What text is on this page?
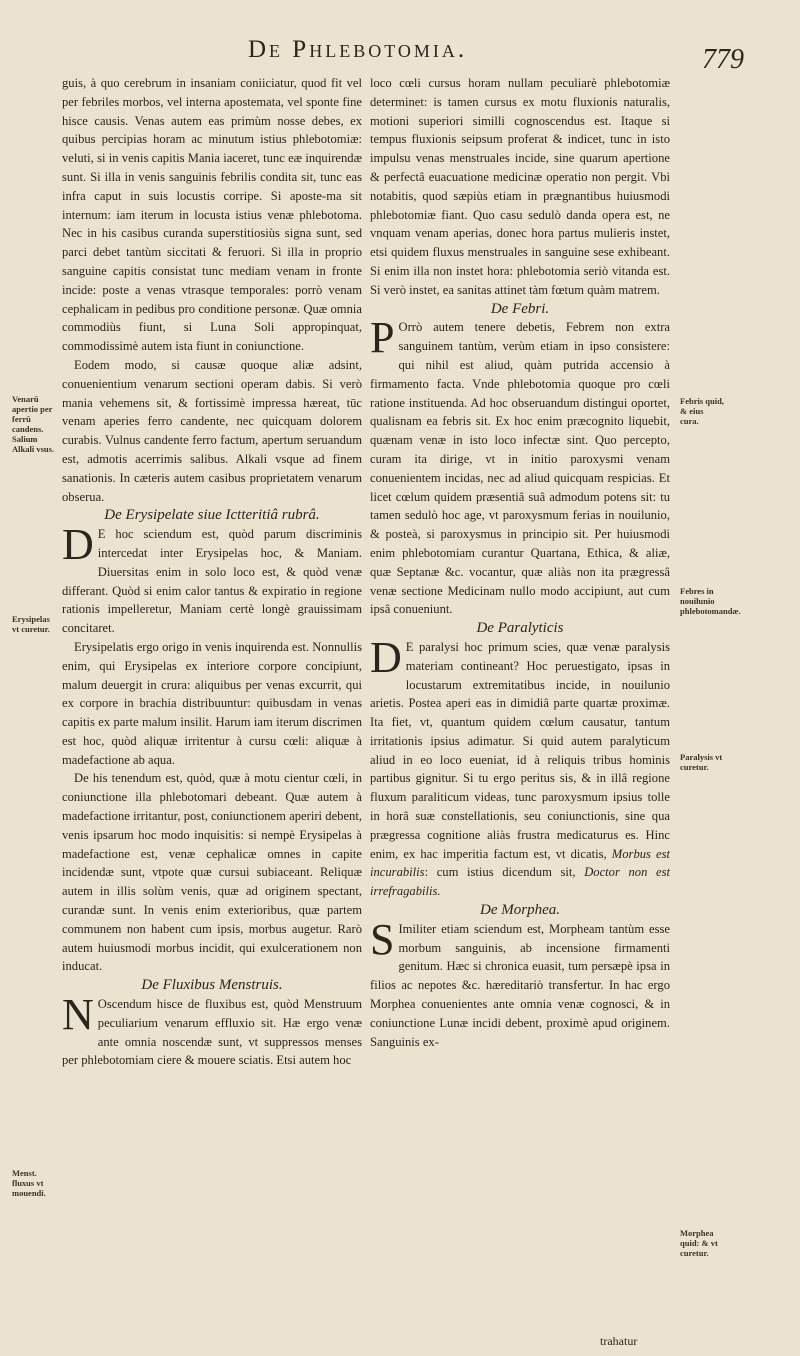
De Phlebotomia.	779

guis, à quo cerebrum in insaniam coniiciatur, quod fit vel per febriles morbos, vel interna apostemata, vel sponte fine hisce causis. Venas autem eas primùm nosse debes, ex quibus percipias horam ac minutum istius phlebotomiæ: veluti, si in venis capitis Mania iaceret, tunc eæ inquirendæ sunt. Si illa in venis sanguinis febrilis condita sit, tunc eas infra caput in suis locustis corripe. Si aposte-ma sit internum: iam iterum in locusta istius venæ phlebotoma. Nec in his casibus curanda superstitiosiùs signa sunt, sed parci debet tantùm siccitati & feruori. Si illa in proprio sanguine capitis consistat tunc mediam venam in fronte incide: poste a venas vtrasque temporales: porrò venam cephalicam in pedibus pro conditione personæ. Quæ omnia commodiùs fiunt, si Luna Soli appropinquat, commodissimè autem ista fiunt in coniunctione.

Eodem modo, si causæ quoque aliæ adsint, conuenientium venarum sectioni operam dabis. Si verò mania vehemens sit, & fortissimè impressa hæreat, tūc venam aperies ferro candente, nec quicquam dolorem curabis. Vulnus candente ferro factum, apertum seruandum est, admotis acerrimis salibus. Alkali vsque ad finem sanationis. In cæteris autem casibus proprietatem venarum obserua.

De Erysipelate siue Ictteritiâ rubrâ.

D E hoc sciendum est, quòd parum discriminis intercedat inter Erysipelas hoc, & Maniam. Diuersitas enim in solo loco est, & quòd venæ differant. Quòd si enim calor tantus & expiratio in regione rationis impelleretur, Maniam certè longè grauissimam concitaret.

Erysipelatis ergo origo in venis inquirenda est. Nonnullis enim, qui Erysipelas ex interiore corpore concipiunt, malum deuergit in crura: aliquibus per venas excurrit, qui ex corpore in brachia distribuuntur: quibusdam in venas capitis ex parte malum insilit. Harum iam iterum discrimen est hoc, quòd aliquæ irritentur à cursu cœli: aliquæ à madefactione ab aqua.

De his tenendum est, quòd, quæ à motu cientur cœli, in coniunctione illa phlebotomari debeant. Quæ autem à madefactione irritantur, post, coniunctionem aperiri debent, venis ipsarum hoc modo inquisitis: si nempè Erysipelas à madefactione est, venæ cephalicæ omnes in capite incidendæ sunt, vtpote quæ cursui subiaceant. Reliquæ autem in illis solùm venis, quæ ad originem spectant, curandæ sunt. In venis enim exterioribus, quæ partem communem non habent cum ipsis, morbus augetur. Rarò autem huiusmodi morbus incidit, qui exulcerationem non inducat.

De Fluxibus Menstruis.

N Oscendum hisce de fluxibus est, quòd Menstruum peculiarium venarum effluxio sit. Hæ ergo venæ ante omnia noscendæ sunt, vt suppressos menses per phlebotomiam ciere & mouere sciatis. Etsi autem hoc

loco cœli cursus horam nullam peculiarè phlebotomiæ determinet: is tamen cursus ex motu fluxionis naturalis, motioni superiori similli cognoscendus est. Itaque si tempus fluxionis seipsum proferat & indicet, tunc in isto impulsu venas menstruales incide, sine quarum apertione & perfectâ euacuatione medicinæ operatio non pergit. Vbi notabitis, quod sæpiùs etiam in prægnantibus huiusmodi phlebotomiæ fiant. Quo casu sedulò danda opera est, ne vnquam venam aperias, donec hora partus mulieris instet, etsi quidem fluxus menstruales in sanguine sese exhibeant. Si enim illa non instet hora: phlebotomia seriò vitanda est. Si verò instet, ea sanitas attinet tàm fœtum quàm matrem.

De Febri.

P Orrò autem tenere debetis, Febrem non extra sanguinem tantùm, verùm etiam in ipso consistere: qui nihil est aliud, quàm putrida accensio à firmamento facta. Vnde phlebotomia quoque pro cœli ratione instituenda. Ad hoc obseruandum distingui oportet, qualisnam ea febris sit. Ex hoc enim præcognito liquebit, quænam venæ in isto loco infectæ sint. Quo percepto, curam ita dirige, vt in initio paroxysmi venam conuenientem incidas, nec ad aliud quicquam respicias. Et licet cœlum quidem præsentiâ suâ admodum potens sit: tu tamen sedulò hoc age, vt paroxysmum ferias in nouilunio, & posteà, si paroxysmus in principio sit. Per huiusmodi enim phlebotomiam curantur Quartana, Ethica, & aliæ, quæ Septanæ &c. vocantur, quæ aliàs non ita prægressâ venæ sectione Medicinam nullo modo accipiunt, aut cum ipsâ conueniunt.

De Paralyticis

D E paralysi hoc primum scies, quæ venæ paralysis materiam contineant? Hoc peruestigato, ipsas in locustarum extremitatibus incide, in nouilunio arietis. Postea aperi eas in dimidiâ parte quartæ proximæ. Ita fiet, vt, quantum quidem cœlum causatur, tantum irritationis ipsius adimatur. Si quid autem paralyticum aliud in eo loco eueniat, id à reliquis tribus hominis partibus gignitur. Si tu ergo peritus sis, & in illâ regione fluxum paraliticum videas, tunc paroxysmum ipsius tolle in horâ suæ constellationis, seu coniunctionis, sine qua prægressa cognitione aliàs frustra medicaturus es. Hinc enim, ex hac imperitia factum est, vt dicatis, Morbus est incurabilis: cum istius dicendum sit, Doctor non est irrefragabilis.

De Morphea.

S Imiliter etiam sciendum est, Morpheam tantùm esse morbum sanguinis, ab incensione firmamenti genitum. Hæc si chronica euasit, tum persæpè ipsa in filios ac nepotes &c. hæreditariò transfertur. In hac ergo Morphea conuenientes ante omnia venæ cognosci, & in coniunctione Lunæ incidi debent, proximè apud originem. Sanguinis ex-

Venarū apertio per ferrū candens. Salium Alkali vsus.
Erysipelas vt curetur.
Menst. fluxus vt mouendi.
Febris quid, & eius cura.
Febres in nouilunio phlebotomandæ.
Paralysis vt curetur.
Morphea quid: & vt curetur.
trahatur
